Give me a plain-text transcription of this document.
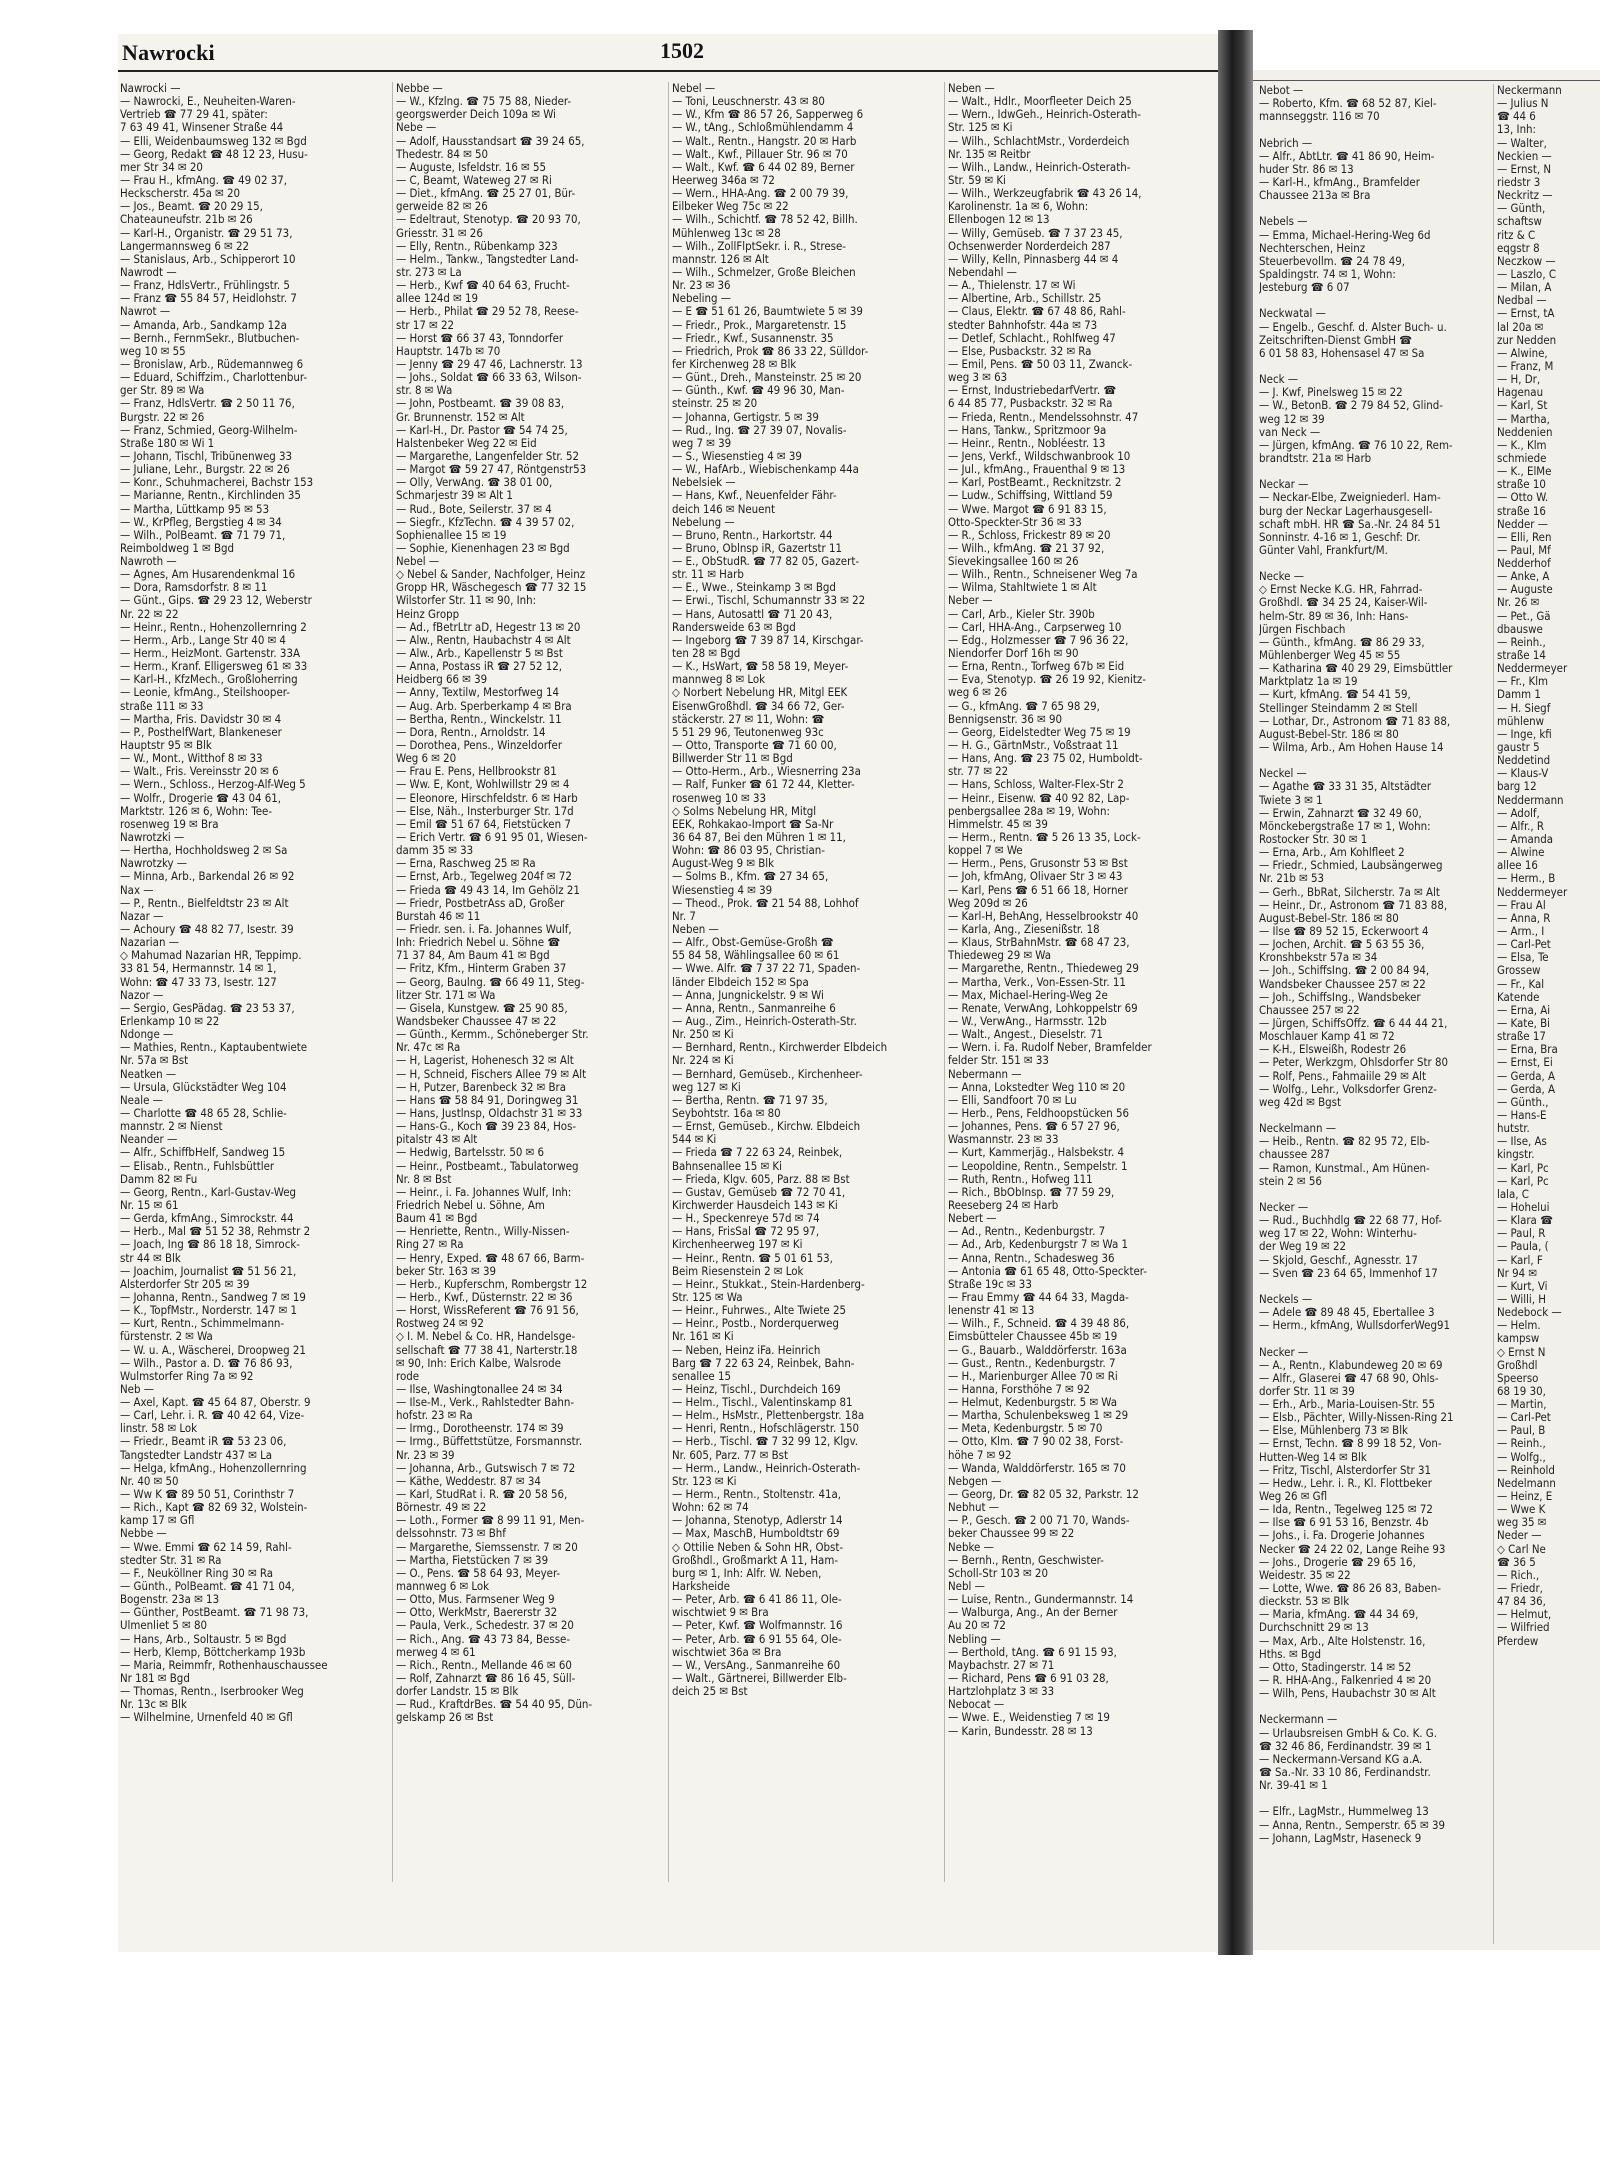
Nawrocki	1502
Nawrocki —
— Nawrocki, E., Neuheiten-Waren-
Vertrieb ☎ 77 29 41, später:
7 63 49 41, Winsener Straße 44
— Elli, Weidenbaumsweg 132 ✉ Bgd
— Georg, Redakt ☎ 48 12 23, Husu-
mer Str 34 ✉ 20
— Frau H., kfmAng. ☎ 49 02 37,
Heckscherstr. 45a ✉ 20
— Jos., Beamt. ☎ 20 29 15,
Chateauneufstr. 21b ✉ 26
— Karl-H., Organistr. ☎ 29 51 73,
Langermannsweg 6 ✉ 22
— Stanislaus, Arb., Schipperort 10
Nawrodt —
— Franz, HdlsVertr., Frühlingstr. 5
— Franz ☎ 55 84 57, Heidlohstr. 7
Nawrot —
— Amanda, Arb., Sandkamp 12a
— Bernh., FernmSekr., Blutbuchen-
weg 10 ✉ 55
— Bronislaw, Arb., Rüdemannweg 6
— Eduard, Schiffzim., Charlottenbur-
ger Str. 89 ✉ Wa
— Franz, HdlsVertr. ☎ 2 50 11 76,
Burgstr. 22 ✉ 26
— Franz, Schmied, Georg-Wilhelm-
Straße 180 ✉ Wi 1
— Johann, Tischl, Tribünenweg 33
— Juliane, Lehr., Burgstr. 22 ✉ 26
— Konr., Schuhmacherei, Bachstr 153
— Marianne, Rentn., Kirchlinden 35
— Martha, Lüttkamp 95 ✉ 53
— W., KrPfleg, Bergstieg 4 ✉ 34
— Wilh., PolBeamt. ☎ 71 79 71,
Reimboldweg 1 ✉ Bgd
Nawroth —
— Agnes, Am Husarendenkmal 16
— Dora, Ramsdorfstr. 8 ✉ 11
— Günt., Gips. ☎ 29 23 12, Weberstr
Nr. 22 ✉ 22
— Heinr., Rentn., Hohenzollernring 2
— Herm., Arb., Lange Str 40 ✉ 4
— Herm., HeizMont. Gartenstr. 33A
— Herm., Kranf. Elligersweg 61 ✉ 33
— Karl-H., KfzMech., Großloherring
— Leonie, kfmAng., Steilshooper-
straße 111 ✉ 33
— Martha, Fris. Davidstr 30 ✉ 4
— P., PosthelfWart, Blankeneser
Hauptstr 95 ✉ Blk
— W., Mont., Witthof 8 ✉ 33
— Walt., Fris. Vereinsstr 20 ✉ 6
— Wern., Schloss., Herzog-Alf-Weg 5
— Wolfr., Drogerie ☎ 43 04 61,
Marktstr. 126 ✉ 6, Wohn: Tee-
rosenweg 19 ✉ Bra
Nawrotzki —
— Hertha, Hochholdsweg 2 ✉ Sa
Nawrotzky —
— Minna, Arb., Barkendal 26 ✉ 92
Nax —
— P., Rentn., Bielfeldtstr 23 ✉ Alt
Nazar —
— Achoury ☎ 48 82 77, Isestr. 39
Nazarian —
◇ Mahumad Nazarian HR, Teppimp.
33 81 54, Hermannstr. 14 ✉ 1,
Wohn: ☎ 47 33 73, Isestr. 127
Nazor —
— Sergio, GesPädag. ☎ 23 53 37,
Erlenkamp 10 ✉ 22
Ndonge —
— Mathies, Rentn., Kaptaubentwiete
Nr. 57a ✉ Bst
Neatken —
— Ursula, Glückstädter Weg 104
Neale —
— Charlotte ☎ 48 65 28, Schlie-
mannstr. 2 ✉ Nienst
Neander —
— Alfr., SchiffbHelf, Sandweg 15
— Elisab., Rentn., Fuhlsbüttler
Damm 82 ✉ Fu
— Georg, Rentn., Karl-Gustav-Weg
Nr. 15 ✉ 61
— Gerda, kfmAng., Simrockstr. 44
— Herb., Mal ☎ 51 52 38, Rehmstr 2
— Joach, Ing ☎ 86 18 18, Simrock-
str 44 ✉ Blk
— Joachim, Journalist ☎ 51 56 21,
Alsterdorfer Str 205 ✉ 39
— Johanna, Rentn., Sandweg 7 ✉ 19
— K., TopfMstr., Norderstr. 147 ✉ 1
— Kurt, Rentn., Schimmelmann-
fürstenstr. 2 ✉ Wa
— W. u. A., Wäscherei, Droopweg 21
— Wilh., Pastor a. D. ☎ 76 86 93,
Wulmstorfer Ring 7a ✉ 92
Neb —
— Axel, Kapt. ☎ 45 64 87, Oberstr. 9
— Carl, Lehr. i. R. ☎ 40 42 64, Vize-
linstr. 58 ✉ Lok
— Friedr., Beamt iR ☎ 53 23 06,
Tangstedter Landstr 437 ✉ La
— Helga, kfmAng., Hohenzollernring
Nr. 40 ✉ 50
— Ww K ☎ 89 50 51, Corinthstr 7
— Rich., Kapt ☎ 82 69 32, Wolstein-
kamp 17 ✉ Gfl
Nebbe —
— Wwe. Emmi ☎ 62 14 59, Rahl-
stedter Str. 31 ✉ Ra
— F., Neuköllner Ring 30 ✉ Ra
— Günth., PolBeamt. ☎ 41 71 04,
Bogenstr. 23a ✉ 13
— Günther, PostBeamt. ☎ 71 98 73,
Ulmenliet 5 ✉ 80
— Hans, Arb., Soltaustr. 5 ✉ Bgd
— Herb, Klemp, Böttcherkamp 193b
— Maria, Reimmfr, Rothenhauschaussee
Nr 181 ✉ Bgd
— Thomas, Rentn., Iserbrooker Weg
Nr. 13c ✉ Blk
— Wilhelmine, Urnenfeld 40 ✉ Gfl
Nebbe —
— W., Kfzlng. ☎ 75 75 88, Nieder-
georgswerder Deich 109a ✉ Wi
Nebe —
— Adolf, Hausstandsart ☎ 39 24 65,
Thedestr. 84 ✉ 50
— Auguste, Isfeldstr. 16 ✉ 55
— C, Beamt, Wateweg 27 ✉ Ri
— Diet., kfmAng. ☎ 25 27 01, Bür-
gerweide 82 ✉ 26
— Edeltraut, Stenotyp. ☎ 20 93 70,
Griesstr. 31 ✉ 26
— Elly, Rentn., Rübenkamp 323
— Helm., Tankw., Tangstedter Land-
str. 273 ✉ La
— Herb., Kwf ☎ 40 64 63, Frucht-
allee 124d ✉ 19
— Herb., Philat ☎ 29 52 78, Reese-
str 17 ✉ 22
— Horst ☎ 66 37 43, Tonndorfer
Hauptstr. 147b ✉ 70
— Jenny ☎ 29 47 46, Lachnerstr. 13
— Johs., Soldat ☎ 66 33 63, Wilson-
str. 8 ✉ Wa
— John, Postbeamt. ☎ 39 08 83,
Gr. Brunnenstr. 152 ✉ Alt
— Karl-H., Dr. Pastor ☎ 54 74 25,
Halstenbeker Weg 22 ✉ Eid
— Margarethe, Langenfelder Str. 52
— Margot ☎ 59 27 47, Röntgenstr53
— Olly, VerwAng. ☎ 38 01 00,
Schmarjestr 39 ✉ Alt 1
— Rud., Bote, Seilerstr. 37 ✉ 4
— Siegfr., KfzTechn. ☎ 4 39 57 02,
Sophienallee 15 ✉ 19
— Sophie, Kienenhagen 23 ✉ Bgd
Nebel —
◇ Nebel & Sander, Nachfolger, Heinz
Gropp HR, Wäschegesch ☎ 77 32 15
Wilstorfer Str. 11 ✉ 90, Inh:
Heinz Gropp
— Ad., fBetrLtr aD, Hegestr 13 ✉ 20
— Alw., Rentn, Haubachstr 4 ✉ Alt
— Alw., Arb., Kapellenstr 5 ✉ Bst
— Anna, Postass iR ☎ 27 52 12,
Heidberg 66 ✉ 39
— Anny, Textilw, Mestorfweg 14
— Aug. Arb. Sperberkamp 4 ✉ Bra
— Bertha, Rentn., Winckelstr. 11
— Dora, Rentn., Arnoldstr. 14
— Dorothea, Pens., Winzeldorfer
Weg 6 ✉ 20
— Frau E. Pens, Hellbrookstr 81
— Ww. E, Kont, Wohlwillstr 29 ✉ 4
— Eleonore, Hirschfeldstr. 6 ✉ Harb
— Else, Näh., Insterburger Str. 17d
— Emil ☎ 51 67 64, Fietstücken 7
— Erich Vertr. ☎ 6 91 95 01, Wiesen-
damm 35 ✉ 33
— Erna, Raschweg 25 ✉ Ra
— Ernst, Arb., Tegelweg 204f ✉ 72
— Frieda ☎ 49 43 14, Im Gehölz 21
— Friedr, PostbetrAss aD, Großer
Burstah 46 ✉ 11
— Friedr. sen. i. Fa. Johannes Wulf,
Inh: Friedrich Nebel u. Söhne ☎
71 37 84, Am Baum 41 ✉ Bgd
— Fritz, Kfm., Hinterm Graben 37
— Georg, Baulng. ☎ 66 49 11, Steg-
litzer Str. 171 ✉ Wa
— Gisela, Kunstgew. ☎ 25 90 85,
Wandsbeker Chaussee 47 ✉ 22
— Günth., Kermm., Schöneberger Str.
Nr. 47c ✉ Ra
— H, Lagerist, Hohenesch 32 ✉ Alt
— H, Schneid, Fischers Allee 79 ✉ Alt
— H, Putzer, Barenbeck 32 ✉ Bra
— Hans ☎ 58 84 91, Doringweg 31
— Hans, Justlnsp, Oldachstr 31 ✉ 33
— Hans-G., Koch ☎ 39 23 84, Hos-
pitalstr 43 ✉ Alt
— Hedwig, Bartelsstr. 50 ✉ 6
— Heinr., Postbeamt., Tabulatorweg
Nr. 8 ✉ Bst
— Heinr., i. Fa. Johannes Wulf, Inh:
Friedrich Nebel u. Söhne, Am
Baum 41 ✉ Bgd
— Henriette, Rentn., Willy-Nissen-
Ring 27 ✉ Ra
— Henry, Exped. ☎ 48 67 66, Barm-
beker Str. 163 ✉ 39
— Herb., Kupferschm, Rombergstr 12
— Herb., Kwf., Düsternstr. 22 ✉ 36
— Horst, WissReferent ☎ 76 91 56,
Rostweg 24 ✉ 92
◇ I. M. Nebel & Co. HR, Handelsge-
sellschaft ☎ 77 38 41, Narterstr.18
✉ 90, Inh: Erich Kalbe, Walsrode
rode
— Ilse, Washingtonallee 24 ✉ 34
— Ilse-M., Verk., Rahlstedter Bahn-
hofstr. 23 ✉ Ra
— Irmg., Dorotheenstr. 174 ✉ 39
— Irmg., Büffettstütze, Forsmannstr.
Nr. 23 ✉ 39
— Johanna, Arb., Gutswisch 7 ✉ 72
— Käthe, Weddestr. 87 ✉ 34
— Karl, StudRat i. R. ☎ 20 58 56,
Börnestr. 49 ✉ 22
— Loth., Former ☎ 8 99 11 91, Men-
delssohnstr. 73 ✉ Bhf
— Margarethe, Siemssenstr. 7 ✉ 20
— Martha, Fietstücken 7 ✉ 39
— O., Pens. ☎ 58 64 93, Meyer-
mannweg 6 ✉ Lok
— Otto, Mus. Farmsener Weg 9
— Otto, WerkMstr, Baererstr 32
— Paula, Verk., Schedestr. 37 ✉ 20
— Rich., Ang. ☎ 43 73 84, Besse-
merweg 4 ✉ 61
— Rich., Rentn., Mellande 46 ✉ 60
— Rolf, Zahnarzt ☎ 86 16 45, Süll-
dorfer Landstr. 15 ✉ Blk
— Rud., KraftdrBes. ☎ 54 40 95, Dün-
gelskamp 26 ✉ Bst
Nebel —
— Toni, Leuschnerstr. 43 ✉ 80
— W., Kfm ☎ 86 57 26, Sapperweg 6
— W., tAng., Schloßmühlendamm 4
— Walt., Rentn., Hangstr. 20 ✉ Harb
— Walt., Kwf., Pillauer Str. 96 ✉ 70
— Walt., Kwf. ☎ 6 44 02 89, Berner
Heerweg 346a ✉ 72
— Wern., HHA-Ang. ☎ 2 00 79 39,
Eilbeker Weg 75c ✉ 22
— Wilh., Schichtf. ☎ 78 52 42, Billh.
Mühlenweg 13c ✉ 28
— Wilh., ZollFlptSekr. i. R., Strese-
mannstr. 126 ✉ Alt
— Wilh., Schmelzer, Große Bleichen
Nr. 23 ✉ 36
Nebeling —
— E ☎ 51 61 26, Baumtwiete 5 ✉ 39
— Friedr., Prok., Margaretenstr. 15
— Friedr., Kwf., Susannenstr. 35
— Friedrich, Prok ☎ 86 33 22, Sülldor-
fer Kirchenweg 28 ✉ Blk
— Günt., Dreh., Mansteinstr. 25 ✉ 20
— Günth., Kwf. ☎ 49 96 30, Man-
steinstr. 25 ✉ 20
— Johanna, Gertigstr. 5 ✉ 39
— Rud., Ing. ☎ 27 39 07, Novalis-
weg 7 ✉ 39
— S., Wiesenstieg 4 ✉ 39
— W., HafArb., Wiebischenkamp 44a
Nebelsiek —
— Hans, Kwf., Neuenfelder Fähr-
deich 146 ✉ Neuent
Nebelung —
— Bruno, Rentn., Harkortstr. 44
— Bruno, Oblnsp iR, Gazertstr 11
— E., ObStudR. ☎ 77 82 05, Gazert-
str. 11 ✉ Harb
— E., Wwe., Steinkamp 3 ✉ Bgd
— Erwi., Tischl, Schumannstr 33 ✉ 22
— Hans, Autosattl ☎ 71 20 43,
Randersweide 63 ✉ Bgd
— Ingeborg ☎ 7 39 87 14, Kirschgar-
ten 28 ✉ Bgd
— K., HsWart, ☎ 58 58 19, Meyer-
mannweg 8 ✉ Lok
◇ Norbert Nebelung HR, Mitgl EEK
EisenwGroßhdl. ☎ 34 66 72, Ger-
stäckerstr. 27 ✉ 11, Wohn: ☎
5 51 29 96, Teutonenweg 93c
— Otto, Transporte ☎ 71 60 00,
Billwerder Str 11 ✉ Bgd
— Otto-Herm., Arb., Wiesnerring 23a
— Ralf, Funker ☎ 61 72 44, Kletter-
rosenweg 10 ✉ 33
◇ Solms Nebelung HR, Mitgl
EEK, Rohkakao-Import ☎ Sa-Nr
36 64 87, Bei den Mühren 1 ✉ 11,
Wohn: ☎ 86 03 95, Christian-
August-Weg 9 ✉ Blk
— Solms B., Kfm. ☎ 27 34 65,
Wiesenstieg 4 ✉ 39
— Theod., Prok. ☎ 21 54 88, Lohhof
Nr. 7
Neben —
— Alfr., Obst-Gemüse-Großh ☎
55 84 58, Wählingsallee 60 ✉ 61
— Wwe. Alfr. ☎ 7 37 22 71, Spaden-
länder Elbdeich 152 ✉ Spa
— Anna, Jungnickelstr. 9 ✉ Wi
— Anna, Rentn., Sanmanreihe 6
— Aug., Zim., Heinrich-Osterath-Str.
Nr. 250 ✉ Ki
— Bernhard, Rentn., Kirchwerder Elbdeich
Nr. 224 ✉ Ki
— Bernhard, Gemüseb., Kirchenheer-
weg 127 ✉ Ki
— Bertha, Rentn. ☎ 71 97 35,
Seybohtstr. 16a ✉ 80
— Ernst, Gemüseb., Kirchw. Elbdeich
544 ✉ Ki
— Frieda ☎ 7 22 63 24, Reinbek,
Bahnsenallee 15 ✉ Ki
— Frieda, Klgv. 605, Parz. 88 ✉ Bst
— Gustav, Gemüseb ☎ 72 70 41,
Kirchwerder Hausdeich 143 ✉ Ki
— H., Speckenreye 57d ✉ 74
— Hans, FrisSal ☎ 72 95 97,
Kirchenheerweg 197 ✉ Ki
— Heinr., Rentn. ☎ 5 01 61 53,
Beim Riesenstein 2 ✉ Lok
— Heinr., Stukkat., Stein-Hardenberg-
Str. 125 ✉ Wa
— Heinr., Fuhrwes., Alte Twiete 25
— Heinr., Postb., Norderquerweg
Nr. 161 ✉ Ki
— Neben, Heinz iFa. Heinrich
Barg ☎ 7 22 63 24, Reinbek, Bahn-
senallee 15
— Heinz, Tischl., Durchdeich 169
— Helm., Tischl., Valentinskamp 81
— Helm., HsMstr., Plettenbergstr. 18a
— Henri, Rentn., Hofschlägerstr. 150
— Herb., Tischl. ☎ 7 32 99 12, Klgv.
Nr. 605, Parz. 77 ✉ Bst
— Herm., Landw., Heinrich-Osterath-
Str. 123 ✉ Ki
— Herm., Rentn., Stoltenstr. 41a,
Wohn: 62 ✉ 74
— Johanna, Stenotyp, Adlerstr 14
— Max, MaschB, Humboldtstr 69
◇ Ottilie Neben & Sohn HR, Obst-
Großhdl., Großmarkt A 11, Ham-
burg ✉ 1, Inh: Alfr. W. Neben,
Harksheide
— Peter, Arb. ☎ 6 41 86 11, Ole-
wischtwiet 9 ✉ Bra
— Peter, Kwf. ☎ Wolfmannstr. 16
— Peter, Arb. ☎ 6 91 55 64, Ole-
wischtwiet 36a ✉ Bra
— W., VersAng., Sanmanreihe 60
— Walt., Gärtnerei, Billwerder Elb-
deich 25 ✉ Bst
Neben —
— Walt., Hdlr., Moorfleeter Deich 25
— Wern., IdwGeh., Heinrich-Osterath-
Str. 125 ✉ Ki
— Wilh., SchlachtMstr., Vorderdeich
Nr. 135 ✉ Reitbr
— Wilh., Landw., Heinrich-Osterath-
Str. 59 ✉ Ki
— Wilh., Werkzeugfabrik ☎ 43 26 14,
Karolinenstr. 1a ✉ 6, Wohn:
Ellenbogen 12 ✉ 13
— Willy, Gemüseb. ☎ 7 37 23 45,
Ochsenwerder Norderdeich 287
— Willy, Kelln, Pinnasberg 44 ✉ 4
Nebendahl —
— A., Thielenstr. 17 ✉ Wi
— Albertine, Arb., Schillstr. 25
— Claus, Elektr. ☎ 67 48 86, Rahl-
stedter Bahnhofstr. 44a ✉ 73
— Detlef, Schlacht., Rohlfweg 47
— Else, Pusbackstr. 32 ✉ Ra
— Emil, Pens. ☎ 50 03 11, Zwanck-
weg 3 ✉ 63
— Ernst, IndustriebedarfVertr. ☎
6 44 85 77, Pusbackstr. 32 ✉ Ra
— Frieda, Rentn., Mendelssohnstr. 47
— Hans, Tankw., Spritzmoor 9a
— Heinr., Rentn., Nobléestr. 13
— Jens, Verkf., Wildschwanbrook 10
— Jul., kfmAng., Frauenthal 9 ✉ 13
— Karl, PostBeamt., Recknitzstr. 2
— Ludw., Schiffsing, Wittland 59
— Wwe. Margot ☎ 6 91 83 15,
Otto-Speckter-Str 36 ✉ 33
— R., Schloss, Frickestr 89 ✉ 20
— Wilh., kfmAng. ☎ 21 37 92,
Sievekingsallee 160 ✉ 26
— Wilh., Rentn., Schneisener Weg 7a
— Wilma, Stahltwiete 1 ✉ Alt
Neber —
— Carl, Arb., Kieler Str. 390b
— Carl, HHA-Ang., Carpserweg 10
— Edg., Holzmesser ☎ 7 96 36 22,
Niendorfer Dorf 16h ✉ 90
— Erna, Rentn., Torfweg 67b ✉ Eid
— Eva, Stenotyp. ☎ 26 19 92, Kienitz-
weg 6 ✉ 26
— G., kfmAng. ☎ 7 65 98 29,
Bennigsenstr. 36 ✉ 90
— Georg, Eidelstedter Weg 75 ✉ 19
— H. G., GärtnMstr., Voßstraat 11
— Hans, Ang. ☎ 23 75 02, Humboldt-
str. 77 ✉ 22
— Hans, Schloss, Walter-Flex-Str 2
— Heinr., Eisenw. ☎ 40 92 82, Lap-
penbergsallee 28a ✉ 19, Wohn:
Himmelstr. 45 ✉ 39
— Herm., Rentn. ☎ 5 26 13 35, Lock-
koppel 7 ✉ We
— Herm., Pens, Grusonstr 53 ✉ Bst
— Joh, kfmAng, Olivaer Str 3 ✉ 43
— Karl, Pens ☎ 6 51 66 18, Horner
Weg 209d ✉ 26
— Karl-H, BehAng, Hesselbrookstr 40
— Karla, Ang., Ziesenißstr. 18
— Klaus, StrBahnMstr. ☎ 68 47 23,
Thiedeweg 29 ✉ Wa
— Margarethe, Rentn., Thiedeweg 29
— Martha, Verk., Von-Essen-Str. 11
— Max, Michael-Hering-Weg 2e
— Renate, VerwAng, Lohkoppelstr 69
— W., VerwAng., Harmsstr. 12b
— Walt., Angest., Dieselstr. 71
— Wern. i. Fa. Rudolf Neber, Bramfelder
felder Str. 151 ✉ 33
Nebermann —
— Anna, Lokstedter Weg 110 ✉ 20
— Elli, Sandfoort 70 ✉ Lu
— Herb., Pens, Feldhoopstücken 56
— Johannes, Pens. ☎ 6 57 27 96,
Wasmannstr. 23 ✉ 33
— Kurt, Kammerjäg., Halsbekstr. 4
— Leopoldine, Rentn., Sempelstr. 1
— Ruth, Rentn., Hofweg 111
— Rich., BbObInsp. ☎ 77 59 29,
Reeseberg 24 ✉ Harb
Nebert —
— Ad., Rentn., Kedenburgstr. 7
— Ad., Arb, Kedenburgstr 7 ✉ Wa 1
— Anna, Rentn., Schadesweg 36
— Antonia ☎ 61 65 48, Otto-Speckter-
Straße 19c ✉ 33
— Frau Emmy ☎ 44 64 33, Magda-
lenenstr 41 ✉ 13
— Wilh., F., Schneid. ☎ 4 39 48 86,
Eimsbütteler Chaussee 45b ✉ 19
— G., Bauarb., Walddörferstr. 163a
— Gust., Rentn., Kedenburgstr. 7
— H., Marienburger Allee 70 ✉ Ri
— Hanna, Forsthöhe 7 ✉ 92
— Helmut, Kedenburgstr. 5 ✉ Wa
— Martha, Schulenbeksweg 1 ✉ 29
— Meta, Kedenburgstr. 5 ✉ 70
— Otto, Klm. ☎ 7 90 02 38, Forst-
höhe 7 ✉ 92
— Wanda, Walddörferstr. 165 ✉ 70
Nebgen —
— Georg, Dr. ☎ 82 05 32, Parkstr. 12
Nebhut —
— P., Gesch. ☎ 2 00 71 70, Wands-
beker Chaussee 99 ✉ 22
Nebke —
— Bernh., Rentn, Geschwister-
Scholl-Str 103 ✉ 20
Nebl —
— Luise, Rentn., Gundermannstr. 14
— Walburga, Ang., An der Berner
Au 20 ✉ 72
Nebling —
— Berthold, tAng. ☎ 6 91 15 93,
Maybachstr. 27 ✉ 71
— Richard, Pens ☎ 6 91 03 28,
Hartzlohplatz 3 ✉ 33
Nebocat —
— Wwe. E., Weidenstieg 7 ✉ 19
— Karin, Bundesstr. 28 ✉ 13
Nebot —
— Roberto, Kfm. ☎ 68 52 87, Kiel-
mannseggstr. 116 ✉ 70
Nebrich —
— Alfr., AbtLtr. ☎ 41 86 90, Heim-
huder Str. 86 ✉ 13
— Karl-H., kfmAng., Bramfelder
Chaussee 213a ✉ Bra
Nebels —
— Emma, Michael-Hering-Weg 6d
Nechterschen, Heinz
Steuerbevollm. ☎ 24 78 49,
Spaldingstr. 74 ✉ 1, Wohn:
Jesteburg ☎ 6 07
Neckwatal —
— Engelb., Geschf. d. Alster Buch- u.
Zeitschriften-Dienst GmbH ☎
6 01 58 83, Hohensasel 47 ✉ Sa
Neck —
— J. Kwf, Pinelsweg 15 ✉ 22
— W., BetonB. ☎ 2 79 84 52, Glind-
weg 12 ✉ 39
van Neck —
— Jürgen, kfmAng. ☎ 76 10 22, Rem-
brandtstr. 21a ✉ Harb
Neckar —
— Neckar-Elbe, Zweigniederl. Ham-
burg der Neckar Lagerhausgesell-
schaft mbH. HR ☎ Sa.-Nr. 24 84 51
Sonninstr. 4-16 ✉ 1, Geschf: Dr.
Günter Vahl, Frankfurt/M.
Necke —
◇ Ernst Necke K.G. HR, Fahrrad-
Großhdl. ☎ 34 25 24, Kaiser-Wil-
helm-Str. 89 ✉ 36, Inh: Hans-
Jürgen Fischbach
— Günth., kfmAng. ☎ 86 29 33,
Mühlenberger Weg 45 ✉ 55
— Katharina ☎ 40 29 29, Eimsbüttler
Marktplatz 1a ✉ 19
— Kurt, kfmAng. ☎ 54 41 59,
Stellinger Steindamm 2 ✉ Stell
— Lothar, Dr., Astronom ☎ 71 83 88,
August-Bebel-Str. 186 ✉ 80
— Wilma, Arb., Am Hohen Hause 14
Neckel —
— Agathe ☎ 33 31 35, Altstädter
Twiete 3 ✉ 1
— Erwin, Zahnarzt ☎ 32 49 60,
Mönckebergstraße 17 ✉ 1, Wohn:
Rostocker Str. 30 ✉ 1
— Erna, Arb., Am Kohlfleet 2
— Friedr., Schmied, Laubsängerweg
Nr. 21b ✉ 53
— Gerh., BbRat, Silcherstr. 7a ✉ Alt
— Heinr., Dr., Astronom ☎ 71 83 88,
August-Bebel-Str. 186 ✉ 80
— Ilse ☎ 89 52 15, Eckerwoort 4
— Jochen, Archit. ☎ 5 63 55 36,
Kronshbekstr 57a ✉ 34
— Joh., SchiffsIng. ☎ 2 00 84 94,
Wandsbeker Chaussee 257 ✉ 22
— Joh., SchiffsIng., Wandsbeker
Chaussee 257 ✉ 22
— Jürgen, SchiffsOffz. ☎ 6 44 44 21,
Moschlauer Kamp 41 ✉ 72
— K-H., Elsweißh, Rodestr 26
— Peter, Werkzgm, Ohlsdorfer Str 80
— Rolf, Pens., Fahmaiile 29 ✉ Alt
— Wolfg., Lehr., Volksdorfer Grenz-
weg 42d ✉ Bgst
Neckelmann —
— Heib., Rentn. ☎ 82 95 72, Elb-
chaussee 287
— Ramon, Kunstmal., Am Hünen-
stein 2 ✉ 56
Necker —
— Rud., Buchhdlg ☎ 22 68 77, Hof-
weg 17 ✉ 22, Wohn: Winterhu-
der Weg 19 ✉ 22
— Skjold, Geschf., Agnesstr. 17
— Sven ☎ 23 64 65, Immenhof 17
Neckels —
— Adele ☎ 89 48 45, Ebertallee 3
— Herm., kfmAng, WullsdorferWeg91
Necker —
— A., Rentn., Klabundeweg 20 ✉ 69
— Alfr., Glaserei ☎ 47 68 90, Ohls-
dorfer Str. 11 ✉ 39
— Erh., Arb., Maria-Louisen-Str. 55
— Elsb., Pächter, Willy-Nissen-Ring 21
— Else, Mühlenberg 73 ✉ Blk
— Ernst, Techn. ☎ 8 99 18 52, Von-
Hutten-Weg 14 ✉ Blk
— Fritz, Tischl, Alsterdorfer Str 31
— Hedw., Lehr. i. R., Kl. Flottbeker
Weg 26 ✉ Gfl
— Ida, Rentn., Tegelweg 125 ✉ 72
— Ilse ☎ 6 91 53 16, Benzstr. 4b
— Johs., i. Fa. Drogerie Johannes
Necker ☎ 24 22 02, Lange Reihe 93
— Johs., Drogerie ☎ 29 65 16,
Weidestr. 35 ✉ 22
— Lotte, Wwe. ☎ 86 26 83, Baben-
dieckstr. 53 ✉ Blk
— Maria, kfmAng. ☎ 44 34 69,
Durchschnitt 29 ✉ 13
— Max, Arb., Alte Holstenstr. 16,
Hths. ✉ Bgd
— Otto, Stadingerstr. 14 ✉ 52
— R. HHA-Ang., Falkenried 4 ✉ 20
— Wilh, Pens, Haubachstr 30 ✉ Alt
Neckermann —
— Urlaubsreisen GmbH & Co. K. G.
☎ 32 46 86, Ferdinandstr. 39 ✉ 1
— Neckermann-Versand KG a.A.
☎ Sa.-Nr. 33 10 86, Ferdinandstr.
Nr. 39-41 ✉ 1
— Elfr., LagMstr., Hummelweg 13
— Anna, Rentn., Semperstr. 65 ✉ 39
— Johann, LagMstr, Haseneck 9
Neckermann
— Julius N
☎ 44 6
13, Inh:
— Walter,
Neckien —
— Ernst, N
riedstr 3
Neckritz —
— Günth,
schaftsw
ritz & C
eqgstr 8
Neczkow —
— Laszlo, C
— Milan, A
Nedbal —
— Ernst, tA
lal 20a ✉
zur Nedden
— Alwine,
— Franz, M
— H, Dr,
Hagenau
— Karl, St
— Martha,
Neddenien
— K., Klm
schmiede
— K., ElMe
straße 10
— Otto W.
straße 16
Nedder —
— Elli, Ren
— Paul, Mf
Nedderhof
— Anke, A
— Auguste
Nr. 26 ✉
— Pet., Gä
dbauswe
— Reinh.,
straße 14
Neddermeyer
— Fr., Klm
Damm 1
— H. Siegf
mühlenw
— Inge, kfi
gaustr 5
Neddetind
— Klaus-V
barg 12
Neddermann
— Adolf,
— Alfr., R
— Amanda
— Alwine
allee 16
— Herm., B
Neddermeyer
— Frau Al
— Anna, R
— Arm., I
— Carl-Pet
— Elsa, Te
Grossew
— Fr., Kal
Katende
— Erna, Ai
— Kate, Bi
straße 17
— Erna, Bra
— Ernst, Ei
— Gerda, A
— Gerda, A
— Günth.,
— Hans-E
hutstr.
— Ilse, As
kingstr.
— Karl, Pc
— Karl, Pc
lala, C
— Hohelui
— Klara ☎
— Paul, R
— Paula, (
— Karl, F
Nr 94 ✉
— Kurt, Vi
— Willi, H
Nedebock —
— Helm.
kampsw
◇ Ernst N
Großhdl
Speerso
68 19 30,
— Martin,
— Carl-Pet
— Paul, B
— Reinh.,
— Wolfg.,
— Reinhold
Nedelmann
— Heinz, E
— Wwe K
weg 35 ✉
Neder —
◇ Carl Ne
☎ 36 5
— Rich.,
— Friedr,
47 84 36,
— Helmut,
— Wilfried
Pferdew
